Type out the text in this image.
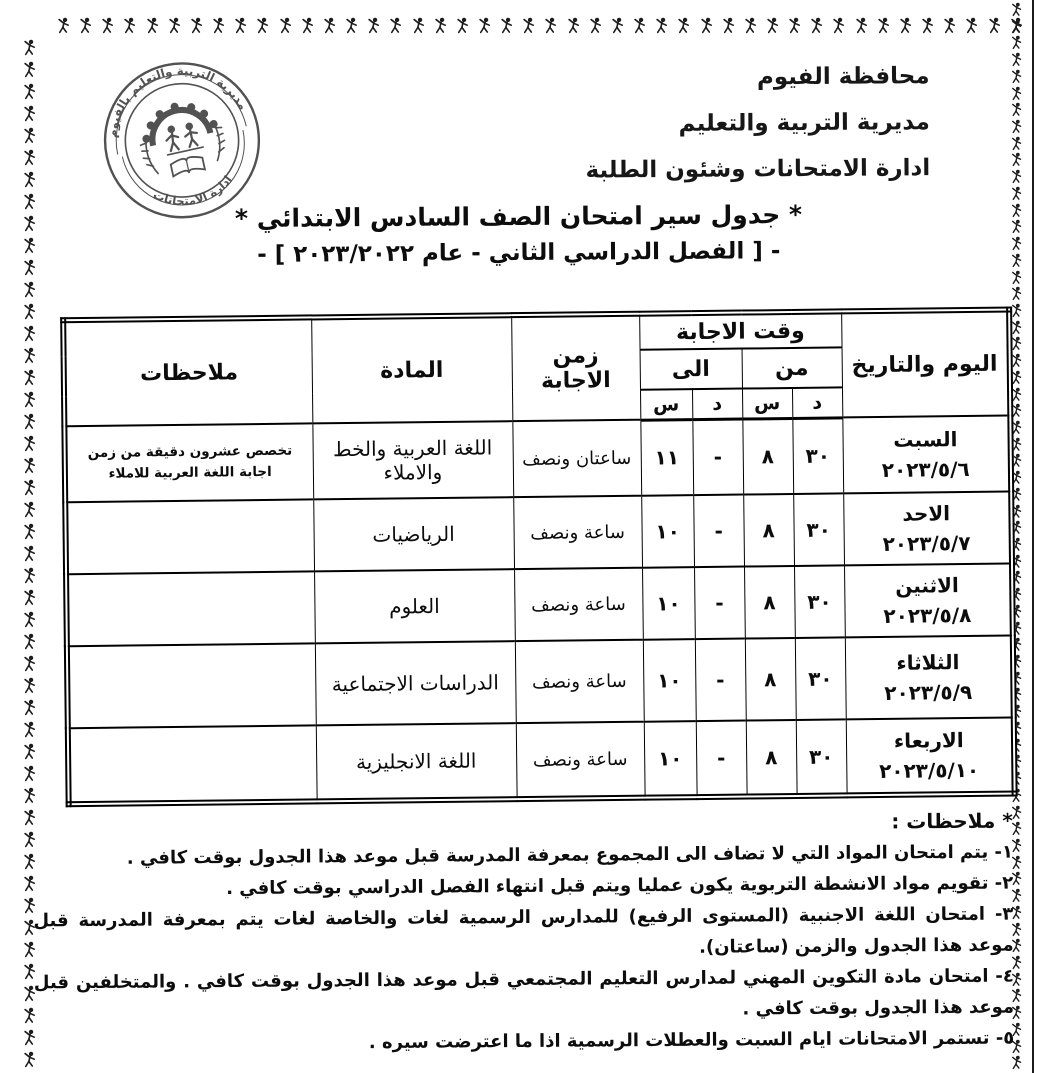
مديرية التربية والتعليم بالفيوم
ادارة الامتحانات
محافظة الفيوم
مديرية التربية والتعليم
ادارة الامتحانات وشئون الطلبة
* جدول سير امتحان الصف السادس الابتدائي *
- [ الفصل الدراسي الثاني - عام ٢٠٢٣/٢٠٢٢ ] -
اليوم والتاريخ	وقت الاجابة				زمن الاجابة	المادة	ملاحظات
	من		الى				
	د	س	د	س			

السبت
٢٠٢٣/٥/٦	٣٠	٨	-	١١	ساعتان ونصف	اللغة العربية والخط والاملاء	تخصص عشرون دقيقة من زمن اجابة اللغة العربية للاملاء

الاحد
٢٠٢٣/٥/٧	٣٠	٨	-	١٠	ساعة ونصف	الرياضيات	

الاثنين
٢٠٢٣/٥/٨	٣٠	٨	-	١٠	ساعة ونصف	العلوم	

الثلاثاء
٢٠٢٣/٥/٩	٣٠	٨	-	١٠	ساعة ونصف	الدراسات الاجتماعية	

الاربعاء
٢٠٢٣/٥/١٠	٣٠	٨	-	١٠	ساعة ونصف	اللغة الانجليزية	
* ملاحظات :
١- يتم امتحان المواد التي لا تضاف الى المجموع بمعرفة المدرسة قبل موعد هذا الجدول بوقت كافي .
٢- تقويم مواد الانشطة التربوية يكون عمليا ويتم قبل انتهاء الفصل الدراسي بوقت كافي .
٣- امتحان اللغة الاجنبية (المستوى الرفيع) للمدارس الرسمية لغات والخاصة لغات يتم بمعرفة المدرسة قبل موعد هذا الجدول والزمن (ساعتان).
٤- امتحان مادة التكوين المهني لمدارس التعليم المجتمعي قبل موعد هذا الجدول بوقت كافي . والمتخلفين قبل موعد هذا الجدول بوقت كافي .
٥- تستمر الامتحانات ايام السبت والعطلات الرسمية اذا ما اعترضت سيره .
